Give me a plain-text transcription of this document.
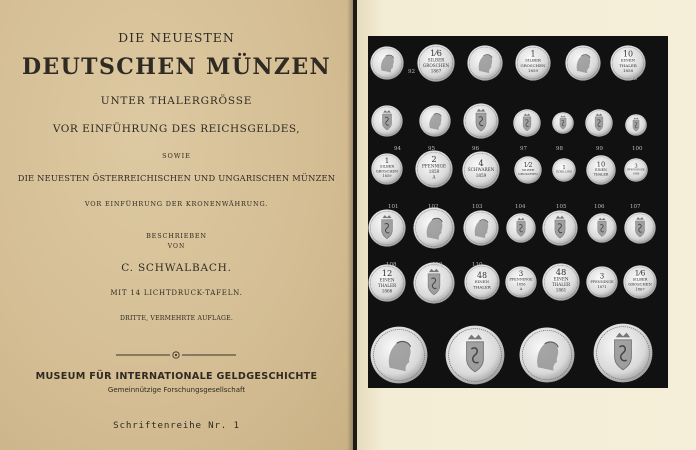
DIE NEUESTEN
DEUTSCHEN MÜNZEN
UNTER THALERGRÖSSE
VOR EINFÜHRUNG DES REICHSGELDES,
SOWIE
DIE NEUESTEN ÖSTERREICHISCHEN UND UNGARISCHEN MÜNZEN
VOR EINFÜHRUNG DER KRONENWÄHRUNG.
BESCHRIEBEN
VON
C. SCHWALBACH.
MIT 14 LICHTDRUCK-TAFELN.
DRITTE, VERMEHRTE AUFLAGE.
MUSEUM FÜR INTERNATIONALE GELDGESCHICHTE
Gemeinnützige Forschungsgesellschaft
Schriftenreihe Nr. 1
1⁄6
SILBER
GROSCHEN
1867
1
SILBER
GROSCHEN
1859
10
EINEN
THALER
1858
1
SILBER
GROSCHEN
1859
2
PFENNIGE
1859
A
4
SCHWAREN
1859
1⁄2
SILBER
GROSCHEN
1
SCHILLING
10
EINEN
THALER
3
PFENNINGE
1866
12
EINEN
THALER
1866
48
EINEN
THALER
3
PFENNINGE
1856
A
48
EINEN
THALER
1861
3
PFENNINGE
1871
1⁄6
SILBER
GROSCHEN
1867
92
93
94	95	96	97	98	99	100
101	102	103	104	105	106	107
108	109	110
